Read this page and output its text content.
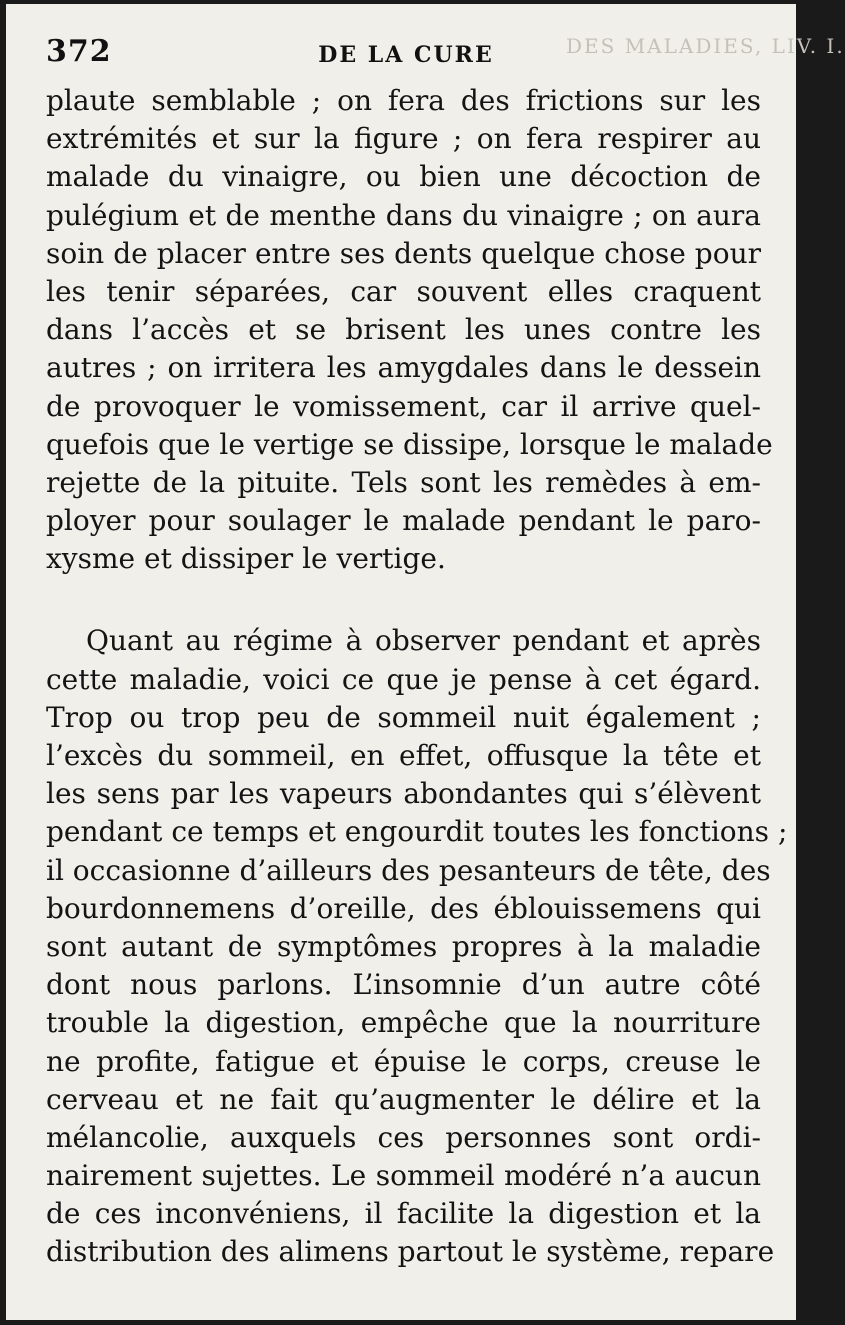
DES MALADIES, LIV. I.
372	DE LA CURE
plaute semblable ; on fera des frictions sur les
extrémités et sur la figure ; on fera respirer au
malade du vinaigre, ou bien une décoction de
pulégium et de menthe dans du vinaigre ; on aura
soin de placer entre ses dents quelque chose pour
les tenir séparées, car souvent elles craquent
dans l’accès et se brisent les unes contre les
autres ; on irritera les amygdales dans le dessein
de provoquer le vomissement, car il arrive quel-
quefois que le vertige se dissipe, lorsque le malade
rejette de la pituite. Tels sont les remèdes à em-
ployer pour soulager le malade pendant le paro-
xysme et dissiper le vertige.
Quant au régime à observer pendant et après
cette maladie, voici ce que je pense à cet égard.
Trop ou trop peu de sommeil nuit également ;
l’excès du sommeil, en effet, offusque la tête et
les sens par les vapeurs abondantes qui s’élèvent
pendant ce temps et engourdit toutes les fonctions ;
il occasionne d’ailleurs des pesanteurs de tête, des
bourdonnemens d’oreille, des éblouissemens qui
sont autant de symptômes propres à la maladie
dont nous parlons. L’insomnie d’un autre côté
trouble la digestion, empêche que la nourriture
ne profite, fatigue et épuise le corps, creuse le
cerveau et ne fait qu’augmenter le délire et la
mélancolie, auxquels ces personnes sont ordi-
nairement sujettes. Le sommeil modéré n’a aucun
de ces inconvéniens, il facilite la digestion et la
distribution des alimens partout le système, repare
